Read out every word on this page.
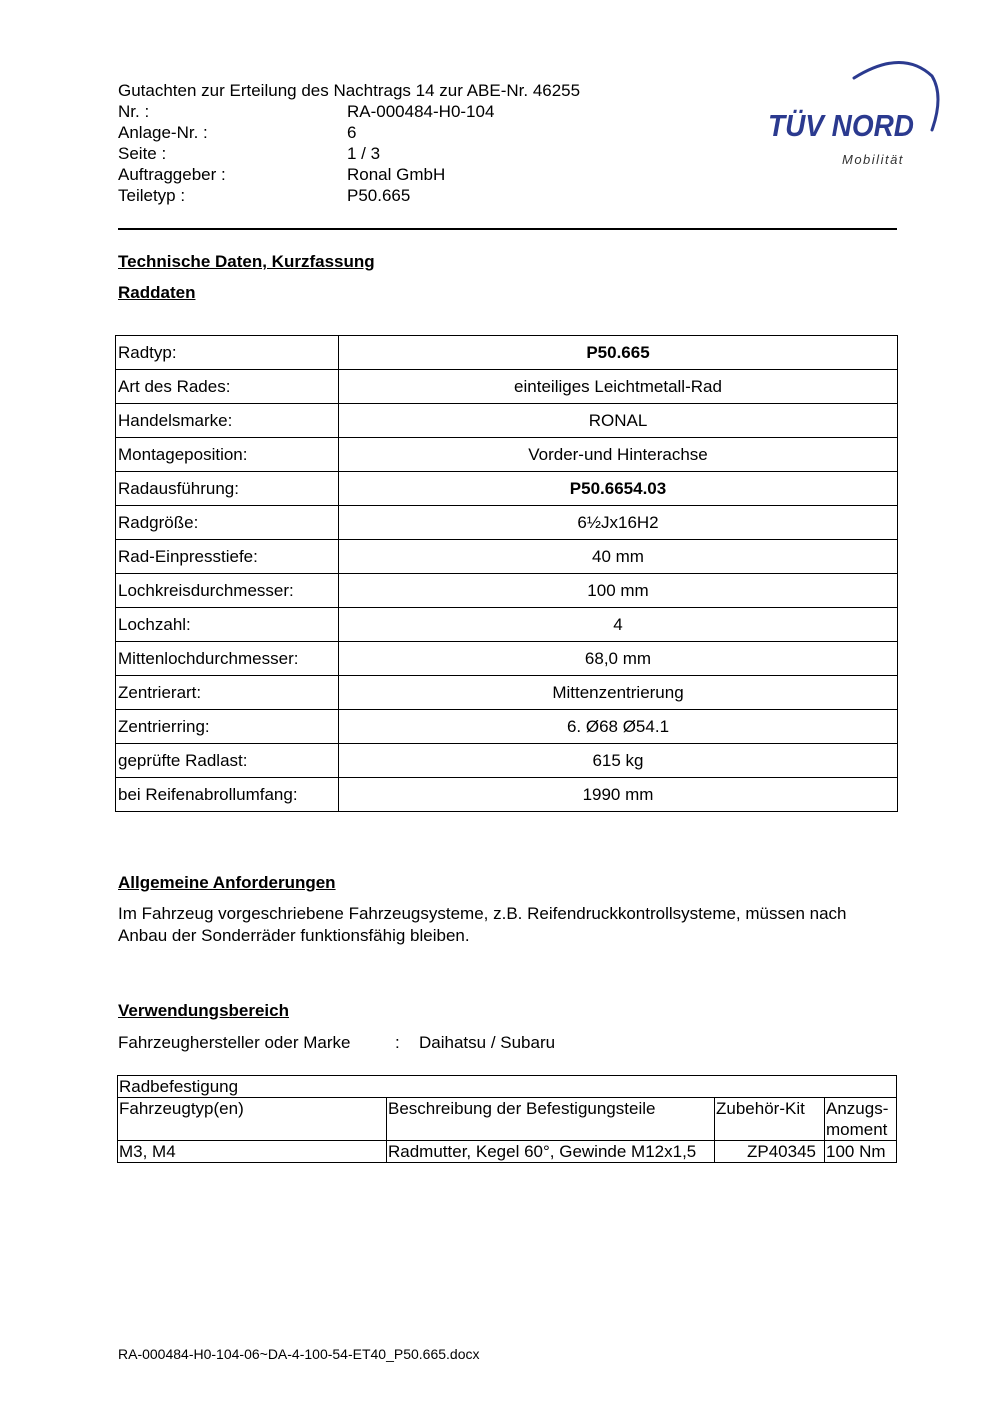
Gutachten zur Erteilung des Nachtrags 14 zur ABE-Nr. 46255
Nr. :	RA-000484-H0-104
Anlage-Nr. :	6
Seite :	1 / 3
Auftraggeber :	Ronal GmbH
Teiletyp :	P50.665
TÜV NORD
Mobilität
Technische Daten, Kurzfassung
Raddaten
Radtyp:	P50.665
Art des Rades:	einteiliges Leichtmetall-Rad
Handelsmarke:	RONAL
Montageposition:	Vorder-und Hinterachse
Radausführung:	P50.6654.03
Radgröße:	6½Jx16H2
Rad-Einpresstiefe:	40 mm
Lochkreisdurchmesser:	100 mm
Lochzahl:	4
Mittenlochdurchmesser:	68,0 mm
Zentrierart:	Mittenzentrierung
Zentrierring:	6. Ø68 Ø54.1
geprüfte Radlast:	615 kg
bei Reifenabrollumfang:	1990 mm
Allgemeine Anforderungen
Im Fahrzeug vorgeschriebene Fahrzeugsysteme, z.B. Reifendruckkontrollsysteme, müssen nach Anbau der Sonderräder funktionsfähig bleiben.
Verwendungsbereich
Fahrzeughersteller oder Marke	: Daihatsu / Subaru
Radbefestigung			
Fahrzeugtyp(en)	Beschreibung der Befestigungsteile	Zubehör-Kit	Anzugs-
moment
M3, M4	Radmutter, Kegel 60°, Gewinde M12x1,5	ZP40345	100 Nm
RA-000484-H0-104-06~DA-4-100-54-ET40_P50.665.docx
